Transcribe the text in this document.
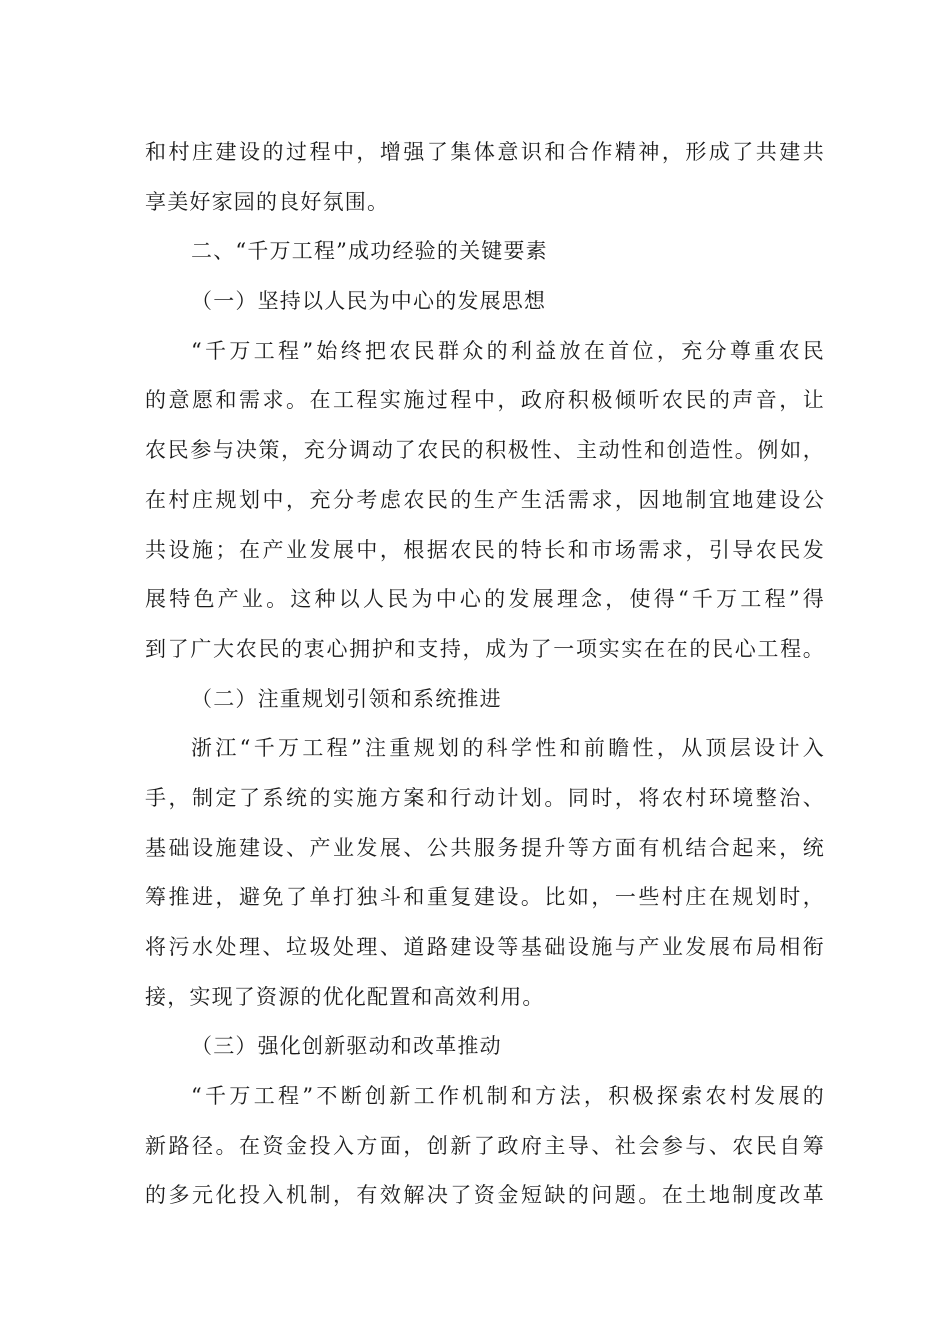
和村庄建设的过程中，增强了集体意识和合作精神，形成了共建共
享美好家园的良好氛围。
二、“千万工程”成功经验的关键要素
（一）坚持以人民为中心的发展思想
“千万工程”始终把农民群众的利益放在首位，充分尊重农民
的意愿和需求。在工程实施过程中，政府积极倾听农民的声音，让
农民参与决策，充分调动了农民的积极性、主动性和创造性。例如，
在村庄规划中，充分考虑农民的生产生活需求，因地制宜地建设公
共设施；在产业发展中，根据农民的特长和市场需求，引导农民发
展特色产业。这种以人民为中心的发展理念，使得“千万工程”得
到了广大农民的衷心拥护和支持，成为了一项实实在在的民心工程。
（二）注重规划引领和系统推进
浙江“千万工程”注重规划的科学性和前瞻性，从顶层设计入
手，制定了系统的实施方案和行动计划。同时，将农村环境整治、
基础设施建设、产业发展、公共服务提升等方面有机结合起来，统
筹推进，避免了单打独斗和重复建设。比如，一些村庄在规划时，
将污水处理、垃圾处理、道路建设等基础设施与产业发展布局相衔
接，实现了资源的优化配置和高效利用。
（三）强化创新驱动和改革推动
“千万工程”不断创新工作机制和方法，积极探索农村发展的
新路径。在资金投入方面，创新了政府主导、社会参与、农民自筹
的多元化投入机制，有效解决了资金短缺的问题。在土地制度改革
